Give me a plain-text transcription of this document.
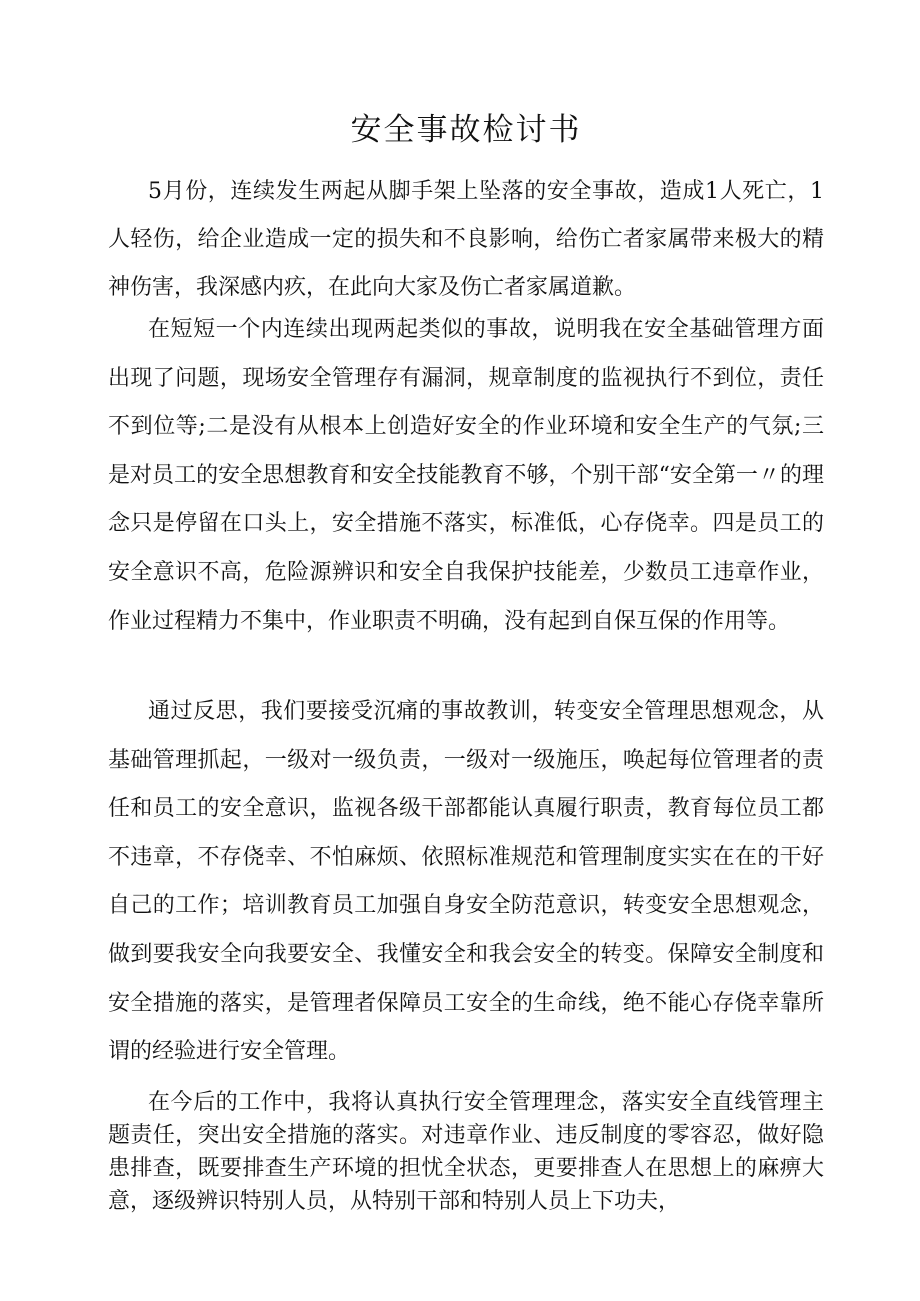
安全事故检讨书

5月份，连续发生两起从脚手架上坠落的安全事故，造成1人死亡，1人轻伤，给企业造成一定的损失和不良影响，给伤亡者家属带来极大的精神伤害，我深感内疚，在此向大家及伤亡者家属道歉。

在短短一个内连续出现两起类似的事故，说明我在安全基础管理方面出现了问题，现场安全管理存有漏洞，规章制度的监视执行不到位，责任不到位等;二是没有从根本上创造好安全的作业环境和安全生产的气氛;三是对员工的安全思想教育和安全技能教育不够，个别干部“安全第一〃的理念只是停留在口头上，安全措施不落实，标准低，心存侥幸。四是员工的安全意识不高，危险源辨识和安全自我保护技能差，少数员工违章作业，作业过程精力不集中，作业职责不明确，没有起到自保互保的作用等。

通过反思，我们要接受沉痛的事故教训，转变安全管理思想观念，从基础管理抓起，一级对一级负责，一级对一级施压，唤起每位管理者的责任和员工的安全意识，监视各级干部都能认真履行职责，教育每位员工都不违章，不存侥幸、不怕麻烦、依照标准规范和管理制度实实在在的干好自己的工作；培训教育员工加强自身安全防范意识，转变安全思想观念，做到要我安全向我要安全、我懂安全和我会安全的转变。保障安全制度和安全措施的落实，是管理者保障员工安全的生命线，绝不能心存侥幸靠所谓的经验进行安全管理。

在今后的工作中，我将认真执行安全管理理念，落实安全直线管理主题责任，突出安全措施的落实。对违章作业、违反制度的零容忍，做好隐患排查，既要排查生产环境的担忧全状态，更要排查人在思想上的麻痹大意，逐级辨识特别人员，从特别干部和特别人员上下功夫，
